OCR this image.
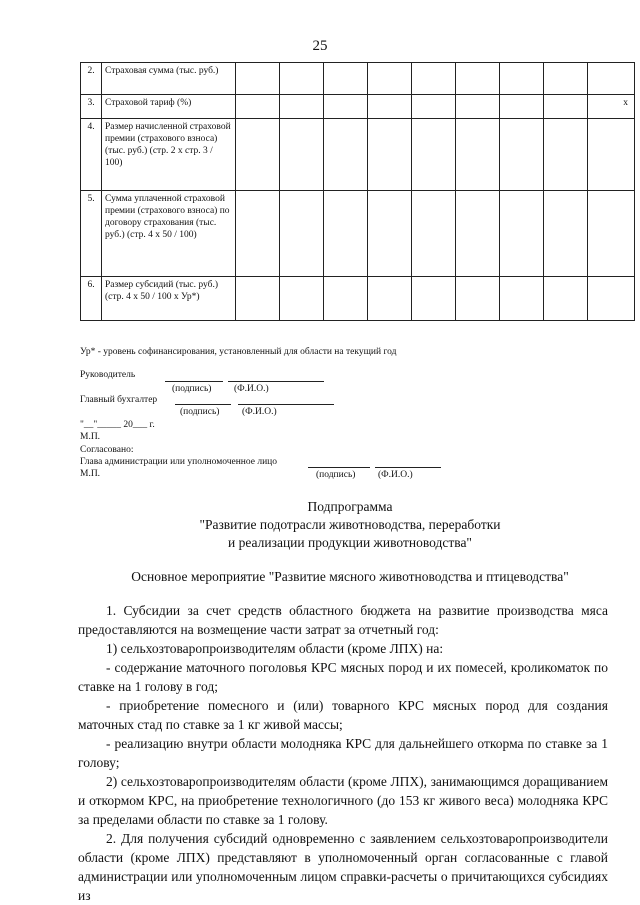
25
2.	Страховая сумма (тыс. руб.)									
3.	Страховой тариф (%)									x
4.	Размер начисленной страховой премии (страхового взноса) (тыс. руб.) (стр. 2 x стр. 3 / 100)									
5.	Сумма уплаченной страховой премии (страхового взноса) по договору страхования (тыс. руб.) (стр. 4 x 50 / 100)									
6.	Размер субсидий (тыс. руб.) (стр. 4 x 50 / 100 x Ур*)									
Ур* - уровень софинансирования, установленный для области на текущий год
Руководитель
(подпись) (Ф.И.О.)
Главный бухгалтер
(подпись) (Ф.И.О.)
"__"_____ 20___ г.
М.П.
Согласовано:
Глава администрации или уполномоченное лицо
М.П.	(подпись) (Ф.И.О.)
Подпрограмма
"Развитие подотрасли животноводства, переработки
и реализации продукции животноводства"
Основное мероприятие "Развитие мясного животноводства и птицеводства"

1. Субсидии за счет средств областного бюджета на развитие производства мяса предоставляются на возмещение части затрат за отчетный год:

1) сельхозтоваропроизводителям области (кроме ЛПХ) на:

- содержание маточного поголовья КРС мясных пород и их помесей, кроликоматок по ставке на 1 голову в год;

- приобретение помесного и (или) товарного КРС мясных пород для создания маточных стад по ставке за 1 кг живой массы;

- реализацию внутри области молодняка КРС для дальнейшего откорма по ставке за 1 голову;

2) сельхозтоваропроизводителям области (кроме ЛПХ), занимающимся доращиванием и откормом КРС, на приобретение технологичного (до 153 кг живого веса) молодняка КРС за пределами области по ставке за 1 голову.

2. Для получения субсидий одновременно с заявлением сельхозтоваропроизводители области (кроме ЛПХ) представляют в уполномоченный орган согласованные с главой администрации или уполномоченным лицом справки-расчеты о причитающихся субсидиях из
